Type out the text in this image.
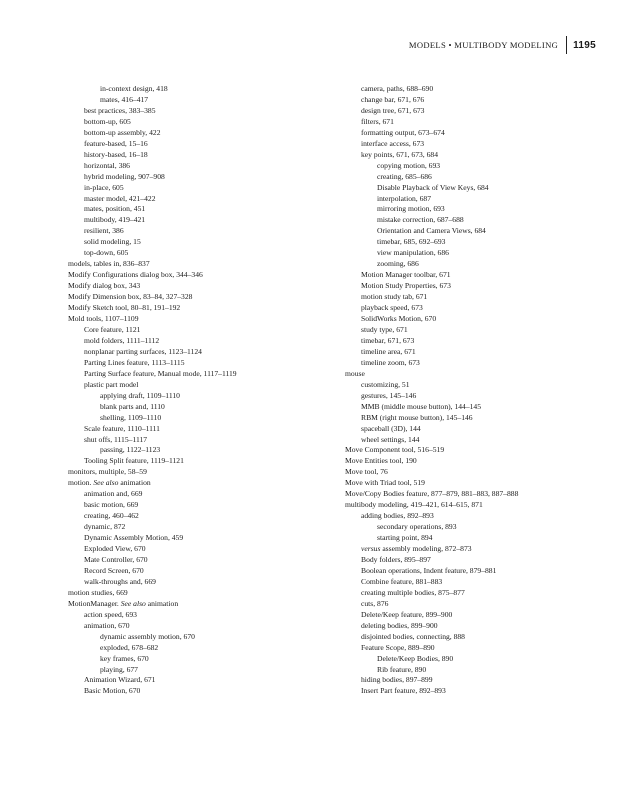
MODELS • MULTIBODY MODELING 1195
in-context design, 418
mates, 416–417
best practices, 383–385
bottom-up, 605
bottom-up assembly, 422
feature-based, 15–16
history-based, 16–18
horizontal, 386
hybrid modeling, 907–908
in-place, 605
master model, 421–422
mates, position, 451
multibody, 419–421
resilient, 386
solid modeling, 15
top-down, 605
models, tables in, 836–837
Modify Configurations dialog box, 344–346
Modify dialog box, 343
Modify Dimension box, 83–84, 327–328
Modify Sketch tool, 80–81, 191–192
Mold tools, 1107–1109
Core feature, 1121
mold folders, 1111–1112
nonplanar parting surfaces, 1123–1124
Parting Lines feature, 1113–1115
Parting Surface feature, Manual mode, 1117–1119
plastic part model
applying draft, 1109–1110
blank parts and, 1110
shelling, 1109–1110
Scale feature, 1110–1111
shut offs, 1115–1117
passing, 1122–1123
Tooling Split feature, 1119–1121
monitors, multiple, 58–59
motion. See also animation
animation and, 669
basic motion, 669
creating, 460–462
dynamic, 872
Dynamic Assembly Motion, 459
Exploded View, 670
Mate Controller, 670
Record Screen, 670
walk-throughs and, 669
motion studies, 669
MotionManager. See also animation
action speed, 693
animation, 670
dynamic assembly motion, 670
exploded, 678–682
key frames, 670
playing, 677
Animation Wizard, 671
Basic Motion, 670
camera, paths, 688–690
change bar, 671, 676
design tree, 671, 673
filters, 671
formatting output, 673–674
interface access, 673
key points, 671, 673, 684
copying motion, 693
creating, 685–686
Disable Playback of View Keys, 684
interpolation, 687
mirroring motion, 693
mistake correction, 687–688
Orientation and Camera Views, 684
timebar, 685, 692–693
view manipulation, 686
zooming, 686
Motion Manager toolbar, 671
Motion Study Properties, 673
motion study tab, 671
playback speed, 673
SolidWorks Motion, 670
study type, 671
timebar, 671, 673
timeline area, 671
timeline zoom, 673
mouse
customizing, 51
gestures, 145–146
MMB (middle mouse button), 144–145
RBM (right mouse button), 145–146
spaceball (3D), 144
wheel settings, 144
Move Component tool, 516–519
Move Entities tool, 190
Move tool, 76
Move with Triad tool, 519
Move/Copy Bodies feature, 877–879, 881–883, 887–888
multibody modeling, 419–421, 614–615, 871
adding bodies, 892–893
secondary operations, 893
starting point, 894
versus assembly modeling, 872–873
Body folders, 895–897
Boolean operations, Indent feature, 879–881
Combine feature, 881–883
creating multiple bodies, 875–877
cuts, 876
Delete/Keep feature, 899–900
deleting bodies, 899–900
disjointed bodies, connecting, 888
Feature Scope, 889–890
Delete/Keep Bodies, 890
Rib feature, 890
hiding bodies, 897–899
Insert Part feature, 892–893
